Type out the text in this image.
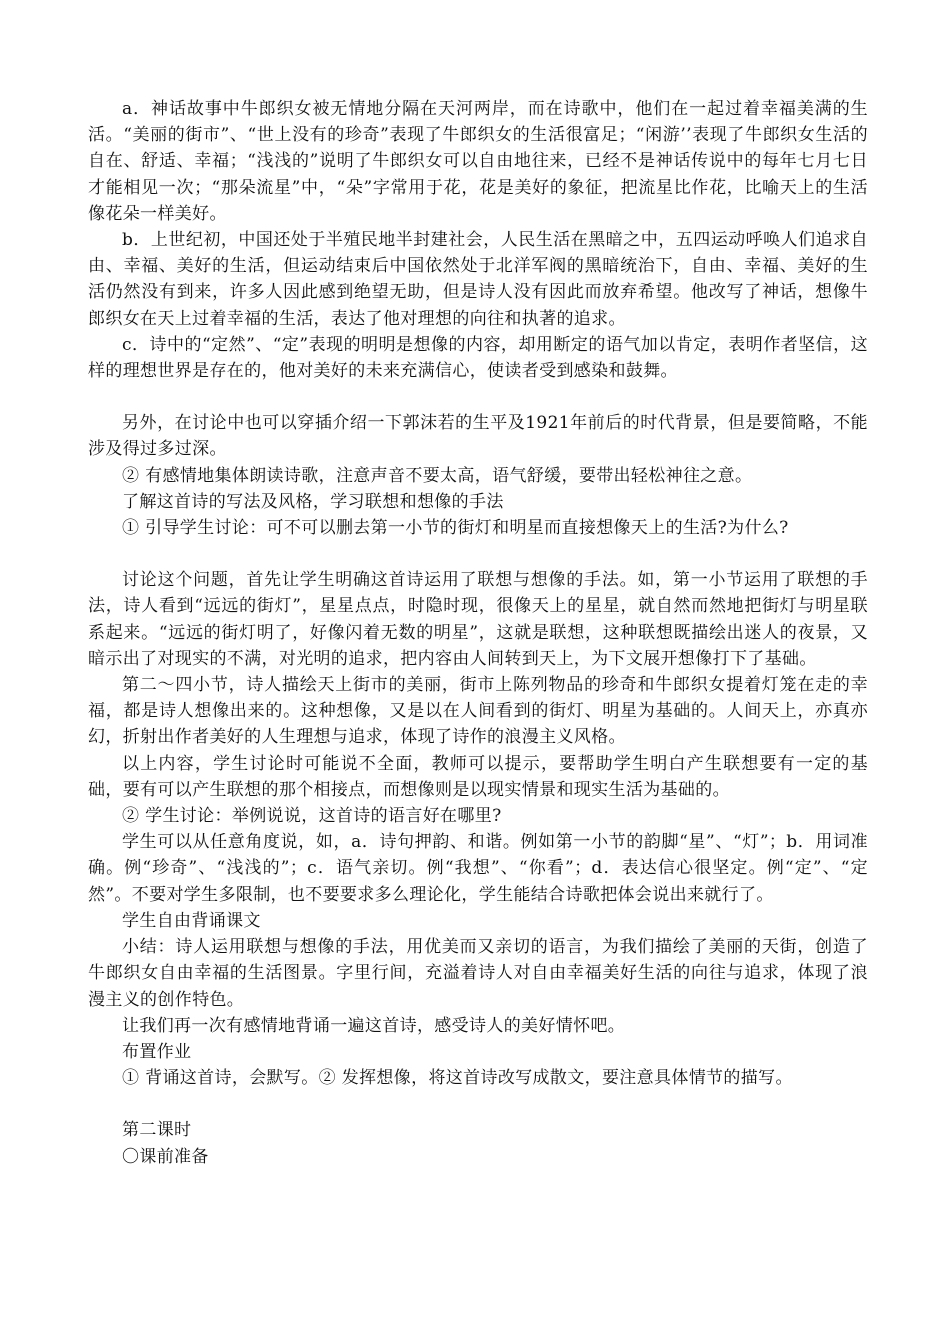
a．神话故事中牛郎织女被无情地分隔在天河两岸，而在诗歌中，他们在一起过着幸福美满的生活。“美丽的街市”、“世上没有的珍奇”表现了牛郎织女的生活很富足；“闲游’’表现了牛郎织女生活的自在、舒适、幸福；“浅浅的”说明了牛郎织女可以自由地往来，已经不是神话传说中的每年七月七日才能相见一次；“那朵流星”中，“朵”字常用于花，花是美好的象征，把流星比作花，比喻天上的生活像花朵一样美好。

b．上世纪初，中国还处于半殖民地半封建社会，人民生活在黑暗之中，五四运动呼唤人们追求自由、幸福、美好的生活，但运动结束后中国依然处于北洋军阀的黑暗统治下，自由、幸福、美好的生活仍然没有到来，许多人因此感到绝望无助，但是诗人没有因此而放弃希望。他改写了神话，想像牛郎织女在天上过着幸福的生活，表达了他对理想的向往和执著的追求。

c．诗中的“定然”、“定”表现的明明是想像的内容，却用断定的语气加以肯定，表明作者坚信，这样的理想世界是存在的，他对美好的未来充满信心，使读者受到感染和鼓舞。

另外，在讨论中也可以穿插介绍一下郭沫若的生平及1921年前后的时代背景，但是要简略，不能涉及得过多过深。

② 有感情地集体朗读诗歌，注意声音不要太高，语气舒缓，要带出轻松神往之意。

了解这首诗的写法及风格，学习联想和想像的手法

① 引导学生讨论：可不可以删去第一小节的街灯和明星而直接想像天上的生活?为什么?

讨论这个问题，首先让学生明确这首诗运用了联想与想像的手法。如，第一小节运用了联想的手法，诗人看到“远远的街灯”，星星点点，时隐时现，很像天上的星星，就自然而然地把街灯与明星联系起来。“远远的街灯明了，好像闪着无数的明星”，这就是联想，这种联想既描绘出迷人的夜景，又暗示出了对现实的不满，对光明的追求，把内容由人间转到天上，为下文展开想像打下了基础。

第二～四小节，诗人描绘天上街市的美丽，街市上陈列物品的珍奇和牛郎织女提着灯笼在走的幸福，都是诗人想像出来的。这种想像，又是以在人间看到的街灯、明星为基础的。人间天上，亦真亦幻，折射出作者美好的人生理想与追求，体现了诗作的浪漫主义风格。

以上内容，学生讨论时可能说不全面，教师可以提示，要帮助学生明白产生联想要有一定的基础，要有可以产生联想的那个相接点，而想像则是以现实情景和现实生活为基础的。

② 学生讨论：举例说说，这首诗的语言好在哪里?

学生可以从任意角度说，如，a．诗句押韵、和谐。例如第一小节的韵脚“星”、“灯”；b．用词准确。例“珍奇”、“浅浅的”；c．语气亲切。例“我想”、“你看”；d．表达信心很坚定。例“定”、“定然”。不要对学生多限制，也不要要求多么理论化，学生能结合诗歌把体会说出来就行了。

学生自由背诵课文

小结：诗人运用联想与想像的手法，用优美而又亲切的语言，为我们描绘了美丽的天街，创造了牛郎织女自由幸福的生活图景。字里行间，充溢着诗人对自由幸福美好生活的向往与追求，体现了浪漫主义的创作特色。

让我们再一次有感情地背诵一遍这首诗，感受诗人的美好情怀吧。

布置作业

① 背诵这首诗，会默写。② 发挥想像，将这首诗改写成散文，要注意具体情节的描写。

第二课时

〇课前准备
